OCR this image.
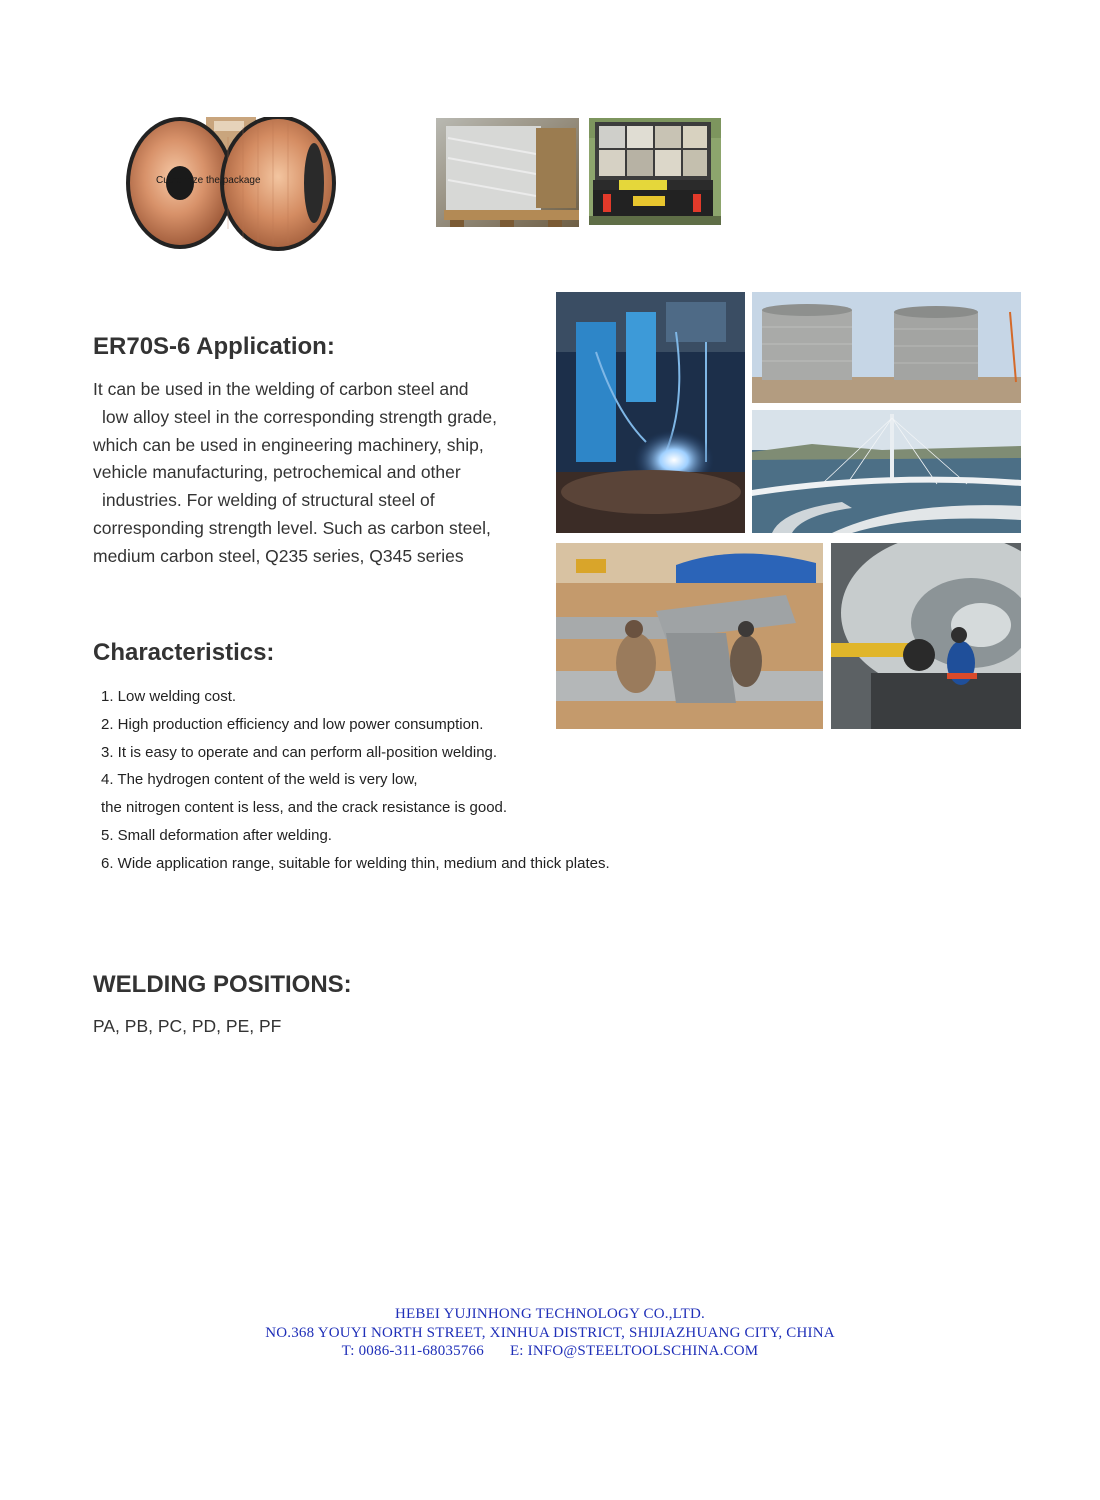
Customize the package
ER70S-6 Application:
It can be used in the welding of carbon steel and
low alloy steel in the corresponding strength grade,
which can be used in engineering machinery, ship,
vehicle manufacturing, petrochemical and other
industries. For welding of structural steel of
corresponding strength level. Such as carbon steel,
medium carbon steel, Q235 series, Q345 series
Characteristics:
1. Low welding cost.
2. High production efficiency and low power consumption.
3. It is easy to operate and can perform all-position welding.
4. The hydrogen content of the weld is very low,
the nitrogen content is less, and the crack resistance is good.
5. Small deformation after welding.
6. Wide application range, suitable for welding thin, medium and thick plates.
WELDING POSITIONS:
PA, PB, PC, PD, PE, PF
HEBEI YUJINHONG TECHNOLOGY CO.,LTD.
NO.368 YOUYI NORTH STREET, XINHUA DISTRICT, SHIJIAZHUANG CITY, CHINA
T: 0086-311-68035766 E: INFO@STEELTOOLSCHINA.COM
